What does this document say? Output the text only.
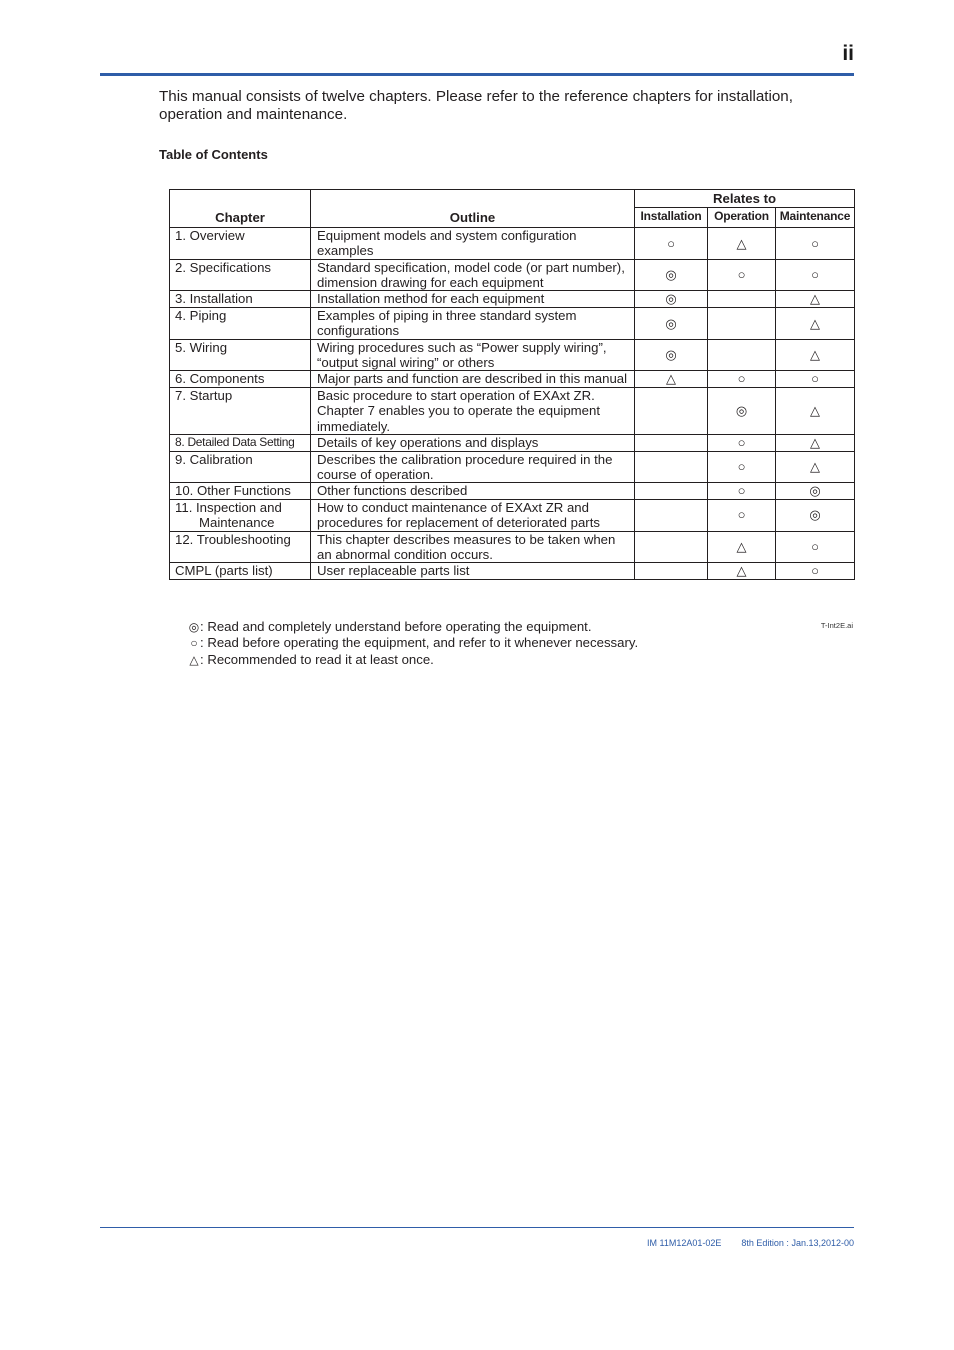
ii

This manual consists of twelve chapters. Please refer to the reference chapters for installation, operation and maintenance.

Table of Contents
Chapter	Outline	Relates to		
		Installation	Operation	Maintenance
1. Overview	Equipment models and system configuration examples	○	△	○
2. Specifications	Standard specification, model code (or part number), dimension drawing for each equipment	◎	○	○
3. Installation	Installation method for each equipment	◎		△
4. Piping	Examples of piping in three standard system configurations	◎		△
5. Wiring	Wiring procedures such as “Power supply wiring”, “output signal wiring” or others	◎		△
6. Components	Major parts and function are described in this manual	△	○	○
7. Startup	Basic procedure to start operation of EXAxt ZR. Chapter 7 enables you to operate the equipment immediately.		◎	△
8. Detailed Data Setting	Details of key operations and displays		○	△
9. Calibration	Describes the calibration procedure required in the course of operation.		○	△
10. Other Functions	Other functions described		○	◎
11. Inspection and
Maintenance	How to conduct maintenance of EXAxt ZR and procedures for replacement of deteriorated parts		○	◎
12. Troubleshooting	This chapter describes measures to be taken when an abnormal condition occurs.		△	○
CMPL (parts list)	User replaceable parts list		△	○
T-Int2E.ai
◎: Read and completely understand before operating the equipment.
○ : Read before operating the equipment, and refer to it whenever necessary.
△: Recommended to read it at least once.
IM 11M12A01-02E 8th Edition : Jan.13,2012-00
